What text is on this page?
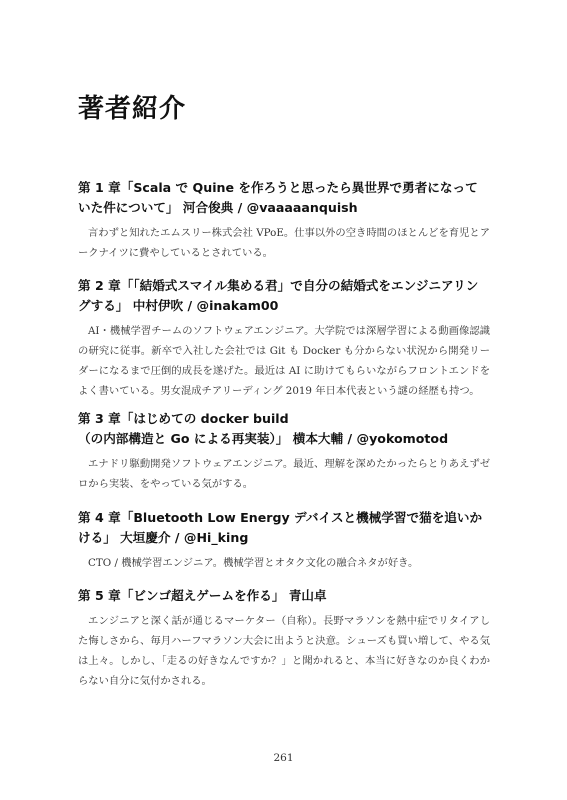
著者紹介

第 1 章「Scala で Quine を作ろうと思ったら異世界で勇者になっていた件について」 河合俊典 / @vaaaaanquish

言わずと知れたエムスリー株式会社 VPoE。仕事以外の空き時間のほとんどを育児とアークナイツに費やしているとされている。

第 2 章「「結婚式スマイル集める君」で自分の結婚式をエンジニアリングする」 中村伊吹 / @inakam00

AI・機械学習チームのソフトウェアエンジニア。大学院では深層学習による動画像認識の研究に従事。新卒で入社した会社では Git も Docker も分からない状況から開発リーダーになるまで圧倒的成長を遂げた。最近は AI に助けてもらいながらフロントエンドをよく書いている。男女混成チアリーディング 2019 年日本代表という謎の経歴も持つ。

第 3 章「はじめての docker build
（の内部構造と Go による再実装）」 横本大輔 / @yokomotod

エナドリ駆動開発ソフトウェアエンジニア。最近、理解を深めたかったらとりあえずゼロから実装、をやっている気がする。

第 4 章「Bluetooth Low Energy デバイスと機械学習で猫を追いかける」 大垣慶介 / @Hi_king

CTO / 機械学習エンジニア。機械学習とオタク文化の融合ネタが好き。

第 5 章「ビンゴ超えゲームを作る」 青山卓

エンジニアと深く話が通じるマーケター（自称）。長野マラソンを熱中症でリタイアした悔しさから、毎月ハーフマラソン大会に出ようと決意。シューズも買い増して、やる気は上々。しかし、「走るの好きなんですか？」と聞かれると、本当に好きなのか良くわからない自分に気付かされる。

261
